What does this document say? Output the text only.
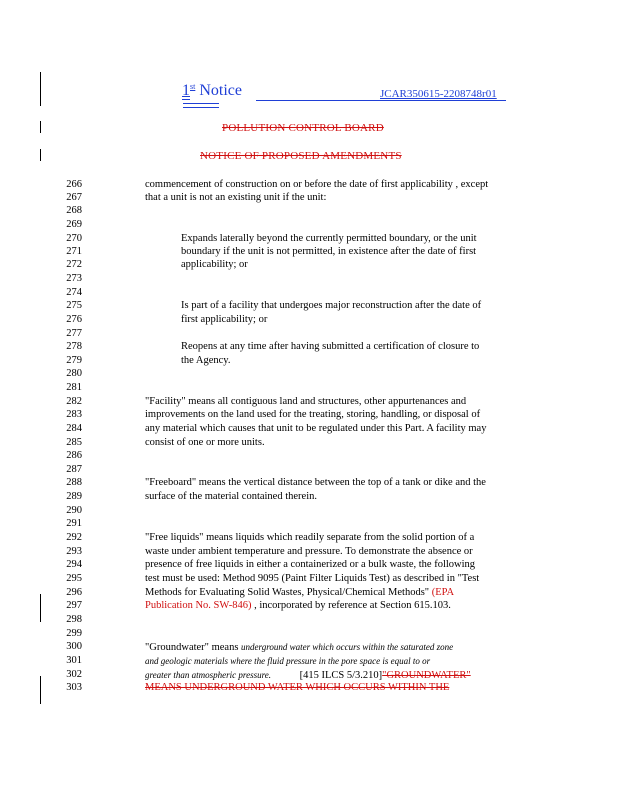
1st Notice	JCAR350615-2208748r01
POLLUTION CONTROL BOARD
NOTICE OF PROPOSED AMENDMENTS
266
267
268
269
270
271
272
273
274
275
276
277
278
279
280
281
282
283
284
285
286
287
288
289
290
291
292
293
294
295
296
297
298
299
300
301
302
303
commencement of construction on or before the date of first applicability , except
that a unit is not an existing unit if the unit:
Expands laterally beyond the currently permitted boundary, or the unit
boundary if the unit is not permitted, in existence after the date of first
applicability; or
Is part of a facility that undergoes major reconstruction after the date of
first applicability; or
Reopens at any time after having submitted a certification of closure to
the Agency.
"Facility" means all contiguous land and structures, other appurtenances and
improvements on the land used for the treating, storing, handling, or disposal of
any material which causes that unit to be regulated under this Part. A facility may
consist of one or more units.
"Freeboard" means the vertical distance between the top of a tank or dike and the
surface of the material contained therein.
"Free liquids" means liquids which readily separate from the solid portion of a
waste under ambient temperature and pressure. To demonstrate the absence or
presence of free liquids in either a containerized or a bulk waste, the following
test must be used: Method 9095 (Paint Filter Liquids Test) as described in "Test
Methods for Evaluating Solid Wastes, Physical/Chemical Methods" (EPA
Publication No. SW-846) , incorporated by reference at Section 615.103.
"Groundwater" means underground water which occurs within the saturated zone
and geologic materials where the fluid pressure in the pore space is equal to or
greater than atmospheric pressure.	[415 ILCS 5/3.210]"GROUNDWATER"
MEANS UNDERGROUND WATER WHICH OCCURS WITHIN THE
